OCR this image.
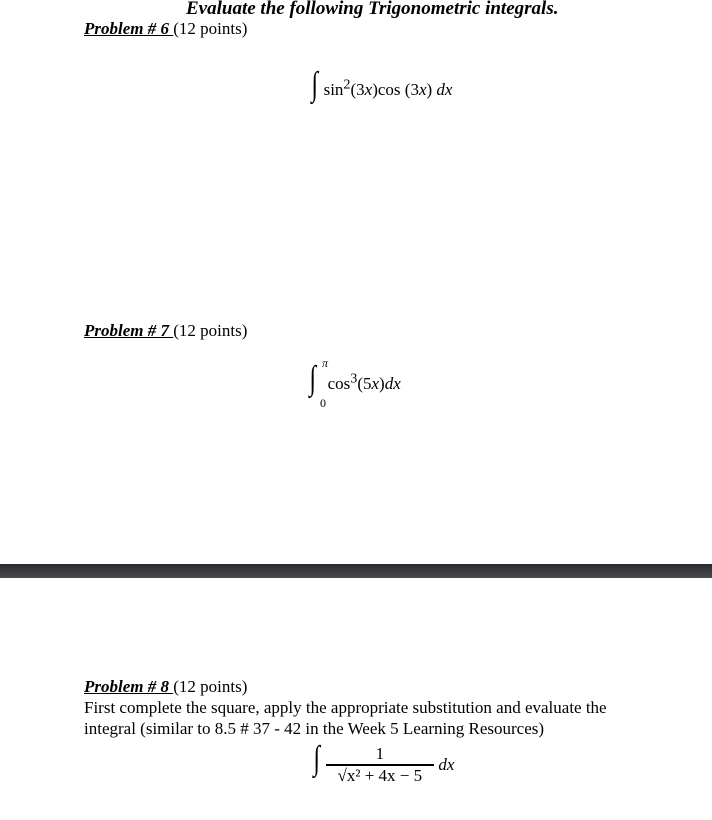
Evaluate the following Trigonometric integrals.
Problem # 6 (12 points)
∫ $\sin^2(3x)\cos$ (3x) dx
Problem # 7 (12 points)
∫ π
0
$\cos^3(5x)dx$
Problem # 8 (12 points)
First complete the square, apply the appropriate substitution and evaluate the
integral (similar to 8.5 # 37 - 42 in the Week 5 Learning Resources)
∫ $\frac{1}{\text{√x² + 4x − 5}}$ dx
